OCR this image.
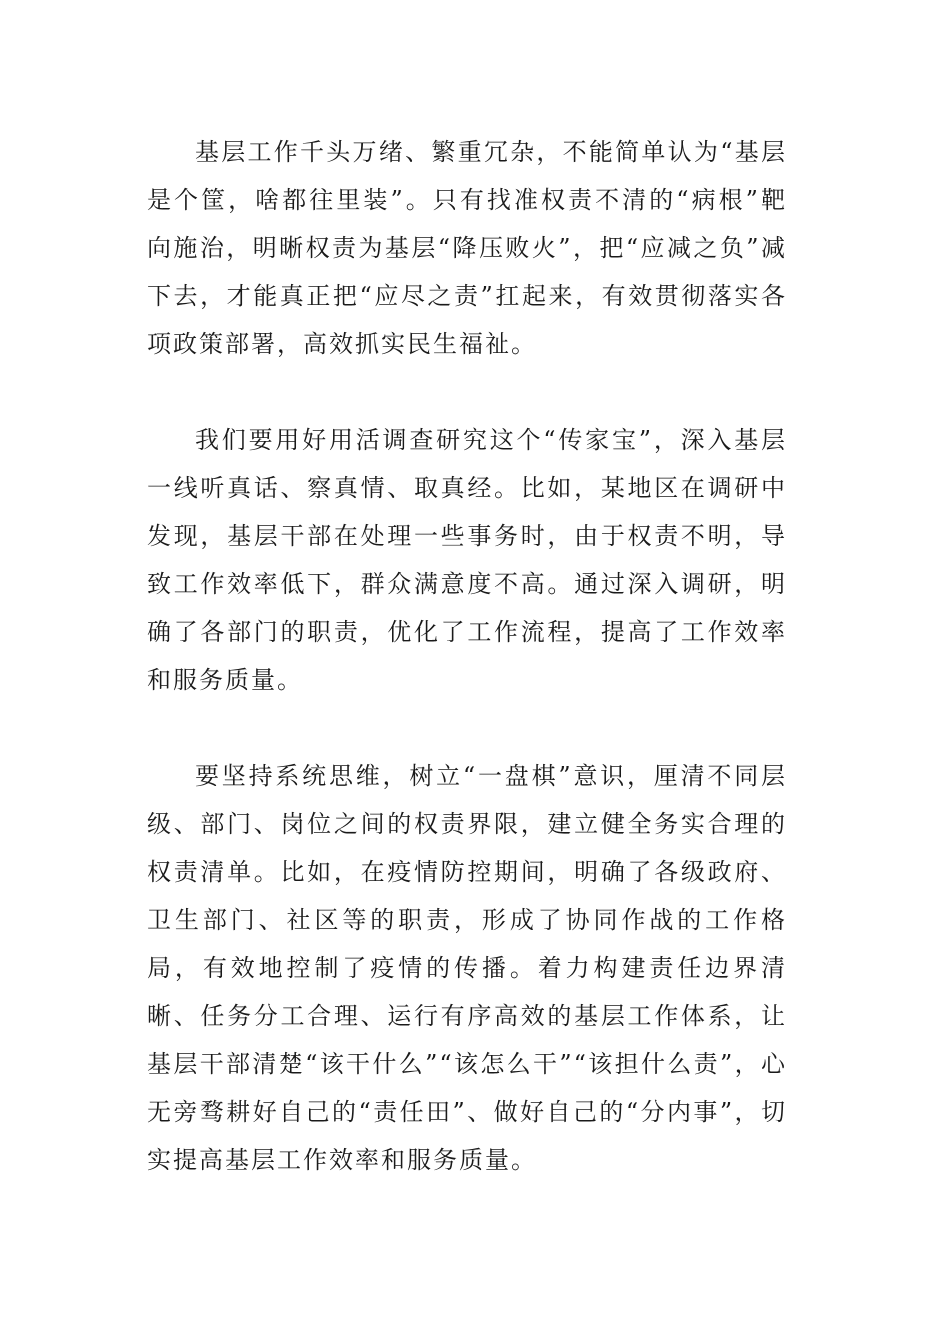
基层工作千头万绪、繁重冗杂，不能简单认为“基层是个筐，啥都往里装”。只有找准权责不清的“病根”靶向施治，明晰权责为基层“降压败火”，把“应减之负”减下去，才能真正把“应尽之责”扛起来，有效贯彻落实各项政策部署，高效抓实民生福祉。

我们要用好用活调查研究这个“传家宝”，深入基层一线听真话、察真情、取真经。比如，某地区在调研中发现，基层干部在处理一些事务时，由于权责不明，导致工作效率低下，群众满意度不高。通过深入调研，明确了各部门的职责，优化了工作流程，提高了工作效率和服务质量。

要坚持系统思维，树立“一盘棋”意识，厘清不同层级、部门、岗位之间的权责界限，建立健全务实合理的权责清单。比如，在疫情防控期间，明确了各级政府、卫生部门、社区等的职责，形成了协同作战的工作格局，有效地控制了疫情的传播。着力构建责任边界清晰、任务分工合理、运行有序高效的基层工作体系，让基层干部清楚“该干什么”“该怎么干”“该担什么责”，心无旁骛耕好自己的“责任田”、做好自己的“分内事”，切实提高基层工作效率和服务质量。
